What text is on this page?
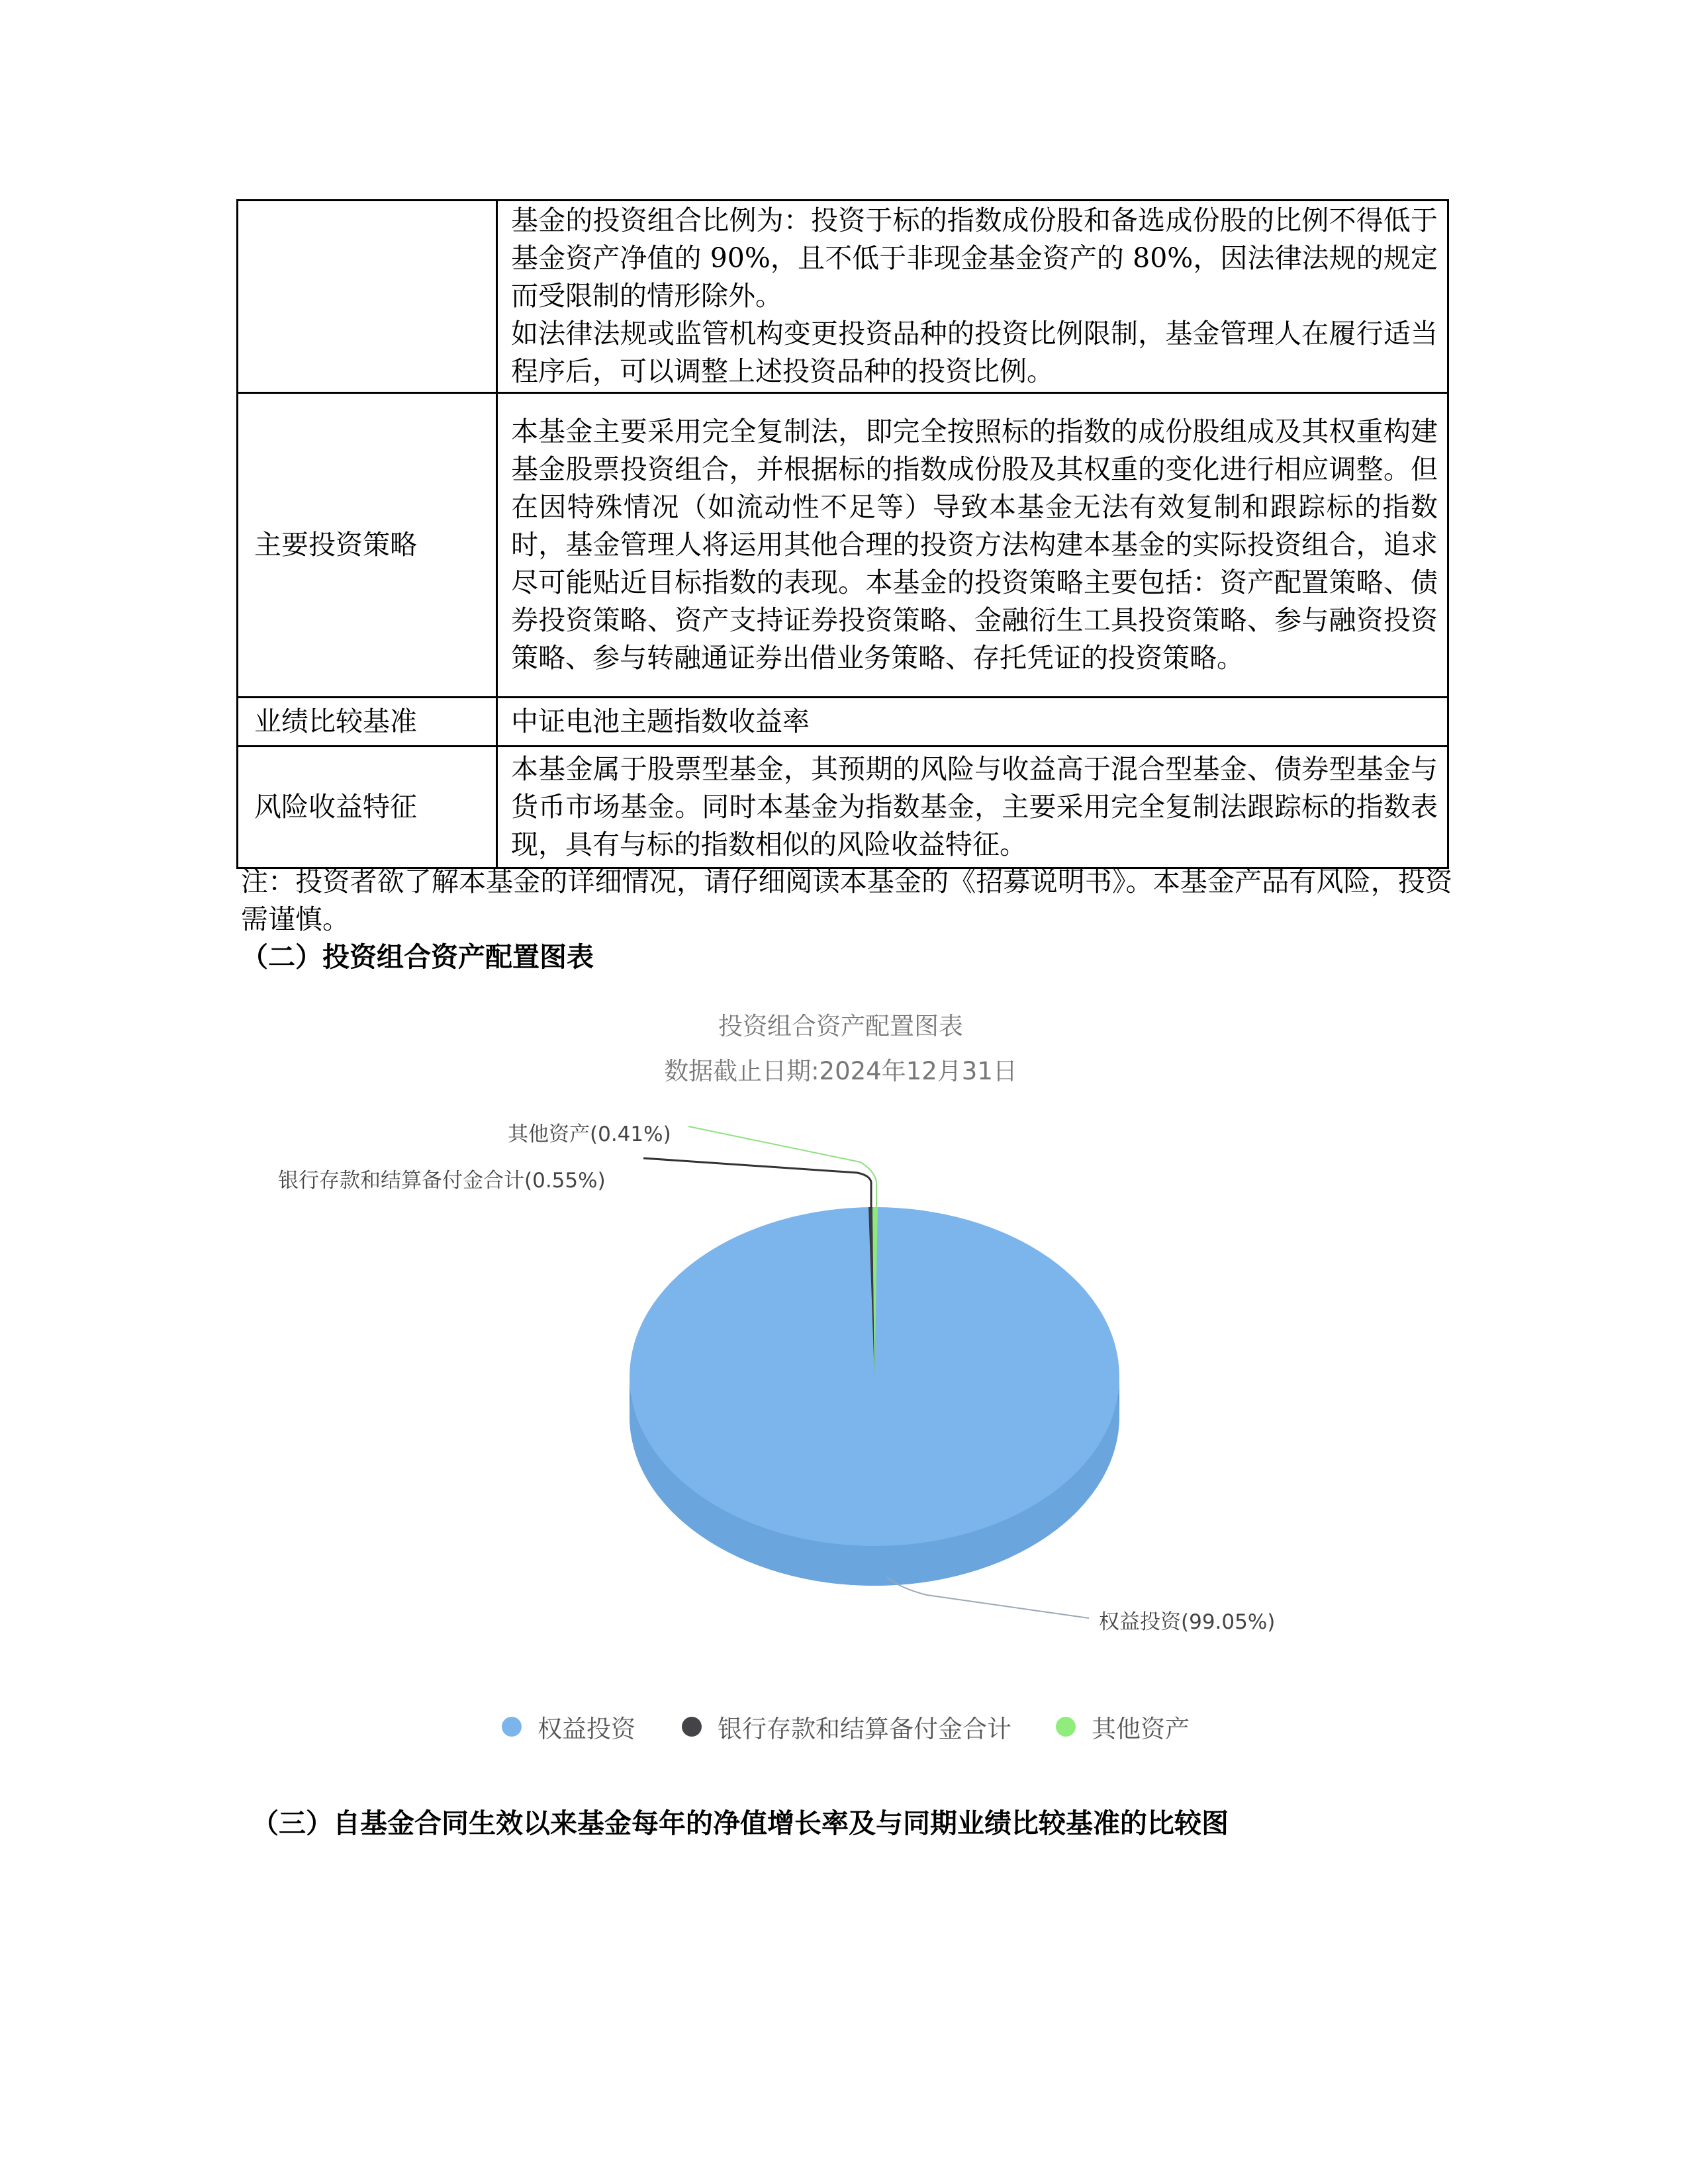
	基金的投资组合比例为：投资于标的指数成份股和备选成份股的比例不得低于基金资产净值的 90%，且不低于非现金基金资产的 80%，因法律法规的规定而受限制的情形除外。

如法律法规或监管机构变更投资品种的投资比例限制，基金管理人在履行适当程序后，可以调整上述投资品种的投资比例。

主要投资策略	本基金主要采用完全复制法，即完全按照标的指数的成份股组成及其权重构建基金股票投资组合，并根据标的指数成份股及其权重的变化进行相应调整。但在因特殊情况（如流动性不足等）导致本基金无法有效复制和跟踪标的指数时，基金管理人将运用其他合理的投资方法构建本基金的实际投资组合，追求尽可能贴近目标指数的表现。本基金的投资策略主要包括：资产配置策略、债券投资策略、资产支持证券投资策略、金融衍生工具投资策略、参与融资投资策略、参与转融通证券出借业务策略、存托凭证的投资策略。

业绩比较基准	中证电池主题指数收益率

风险收益特征	本基金属于股票型基金，其预期的风险与收益高于混合型基金、债券型基金与货币市场基金。同时本基金为指数基金，主要采用完全复制法跟踪标的指数表现，具有与标的指数相似的风险收益特征。

注：投资者欲了解本基金的详细情况，请仔细阅读本基金的《招募说明书》。本基金产品有风险，投资需谨慎。
（二）投资组合资产配置图表
投资组合资产配置图表
数据截止日期:2024年12月31日
其他资产(0.41%)
银行存款和结算备付金合计(0.55%)
权益投资(99.05%)
权益投资	银行存款和结算备付金合计	其他资产
（三）自基金合同生效以来基金每年的净值增长率及与同期业绩比较基准的比较图
